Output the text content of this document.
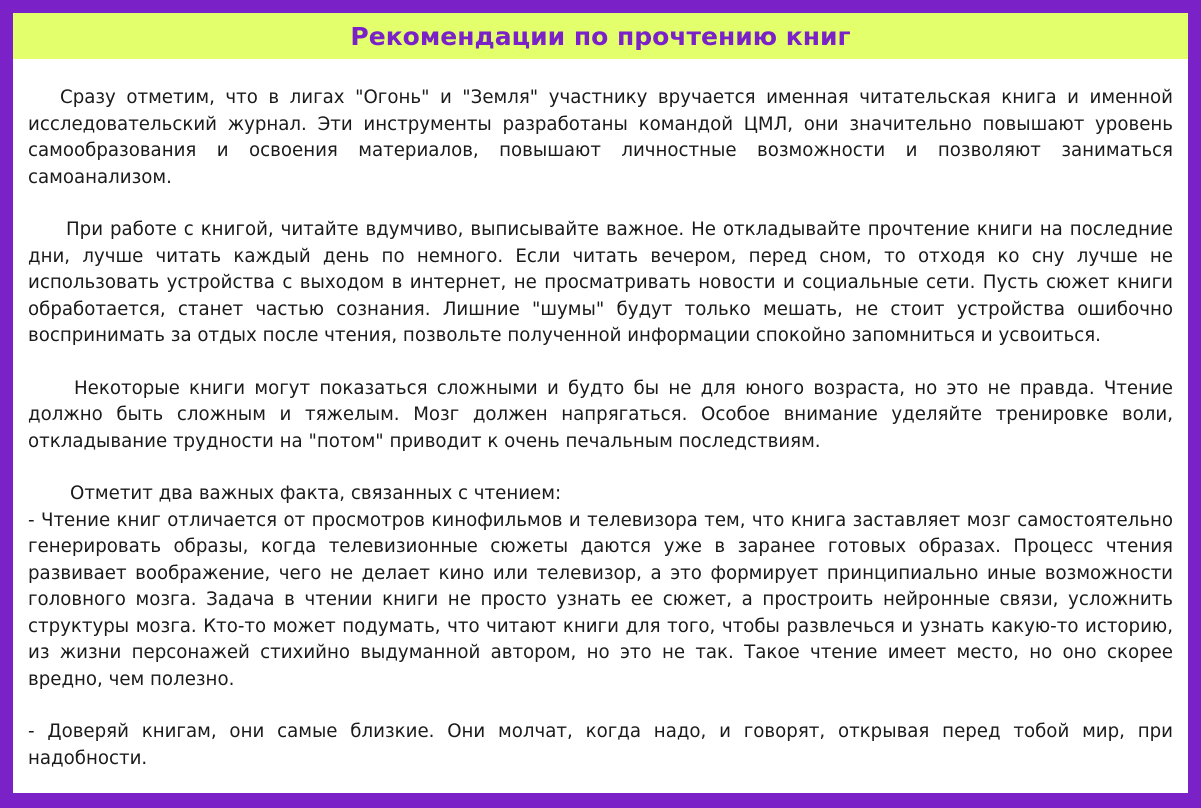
Рекомендации по прочтению книг

Сразу отметим, что в лигах "Огонь" и "Земля" участнику вручается именная читательская книга и именной исследовательский журнал. Эти инструменты разработаны командой ЦМЛ, они значительно повышают уровень самообразования и освоения материалов, повышают личностные возможности и позволяют заниматься самоанализом.

При работе с книгой, читайте вдумчиво, выписывайте важное. Не откладывайте прочтение книги на последние дни, лучше читать каждый день по немного. Если читать вечером, перед сном, то отходя ко сну лучше не использовать устройства с выходом в интернет, не просматривать новости и социальные сети. Пусть сюжет книги обработается, станет частью сознания. Лишние "шумы" будут только мешать, не стоит устройства ошибочно воспринимать за отдых после чтения, позвольте полученной информации спокойно запомниться и усвоиться.

Некоторые книги могут показаться сложными и будто бы не для юного возраста, но это не правда. Чтение должно быть сложным и тяжелым. Мозг должен напрягаться. Особое внимание уделяйте тренировке воли, откладывание трудности на "потом" приводит к очень печальным последствиям.

Отметит два важных факта, связанных с чтением:

- Чтение книг отличается от просмотров кинофильмов и телевизора тем, что книга заставляет мозг самостоятельно генерировать образы, когда телевизионные сюжеты даются уже в заранее готовых образах. Процесс чтения развивает воображение, чего не делает кино или телевизор, а это формирует принципиально иные возможности головного мозга. Задача в чтении книги не просто узнать ее сюжет, а простроить нейронные связи, усложнить структуры мозга. Кто-то может подумать, что читают книги для того, чтобы развлечься и узнать какую-то историю, из жизни персонажей стихийно выдуманной автором, но это не так. Такое чтение имеет место, но оно скорее вредно, чем полезно.

- Доверяй книгам, они самые близкие. Они молчат, когда надо, и говорят, открывая перед тобой мир, при надобности.
